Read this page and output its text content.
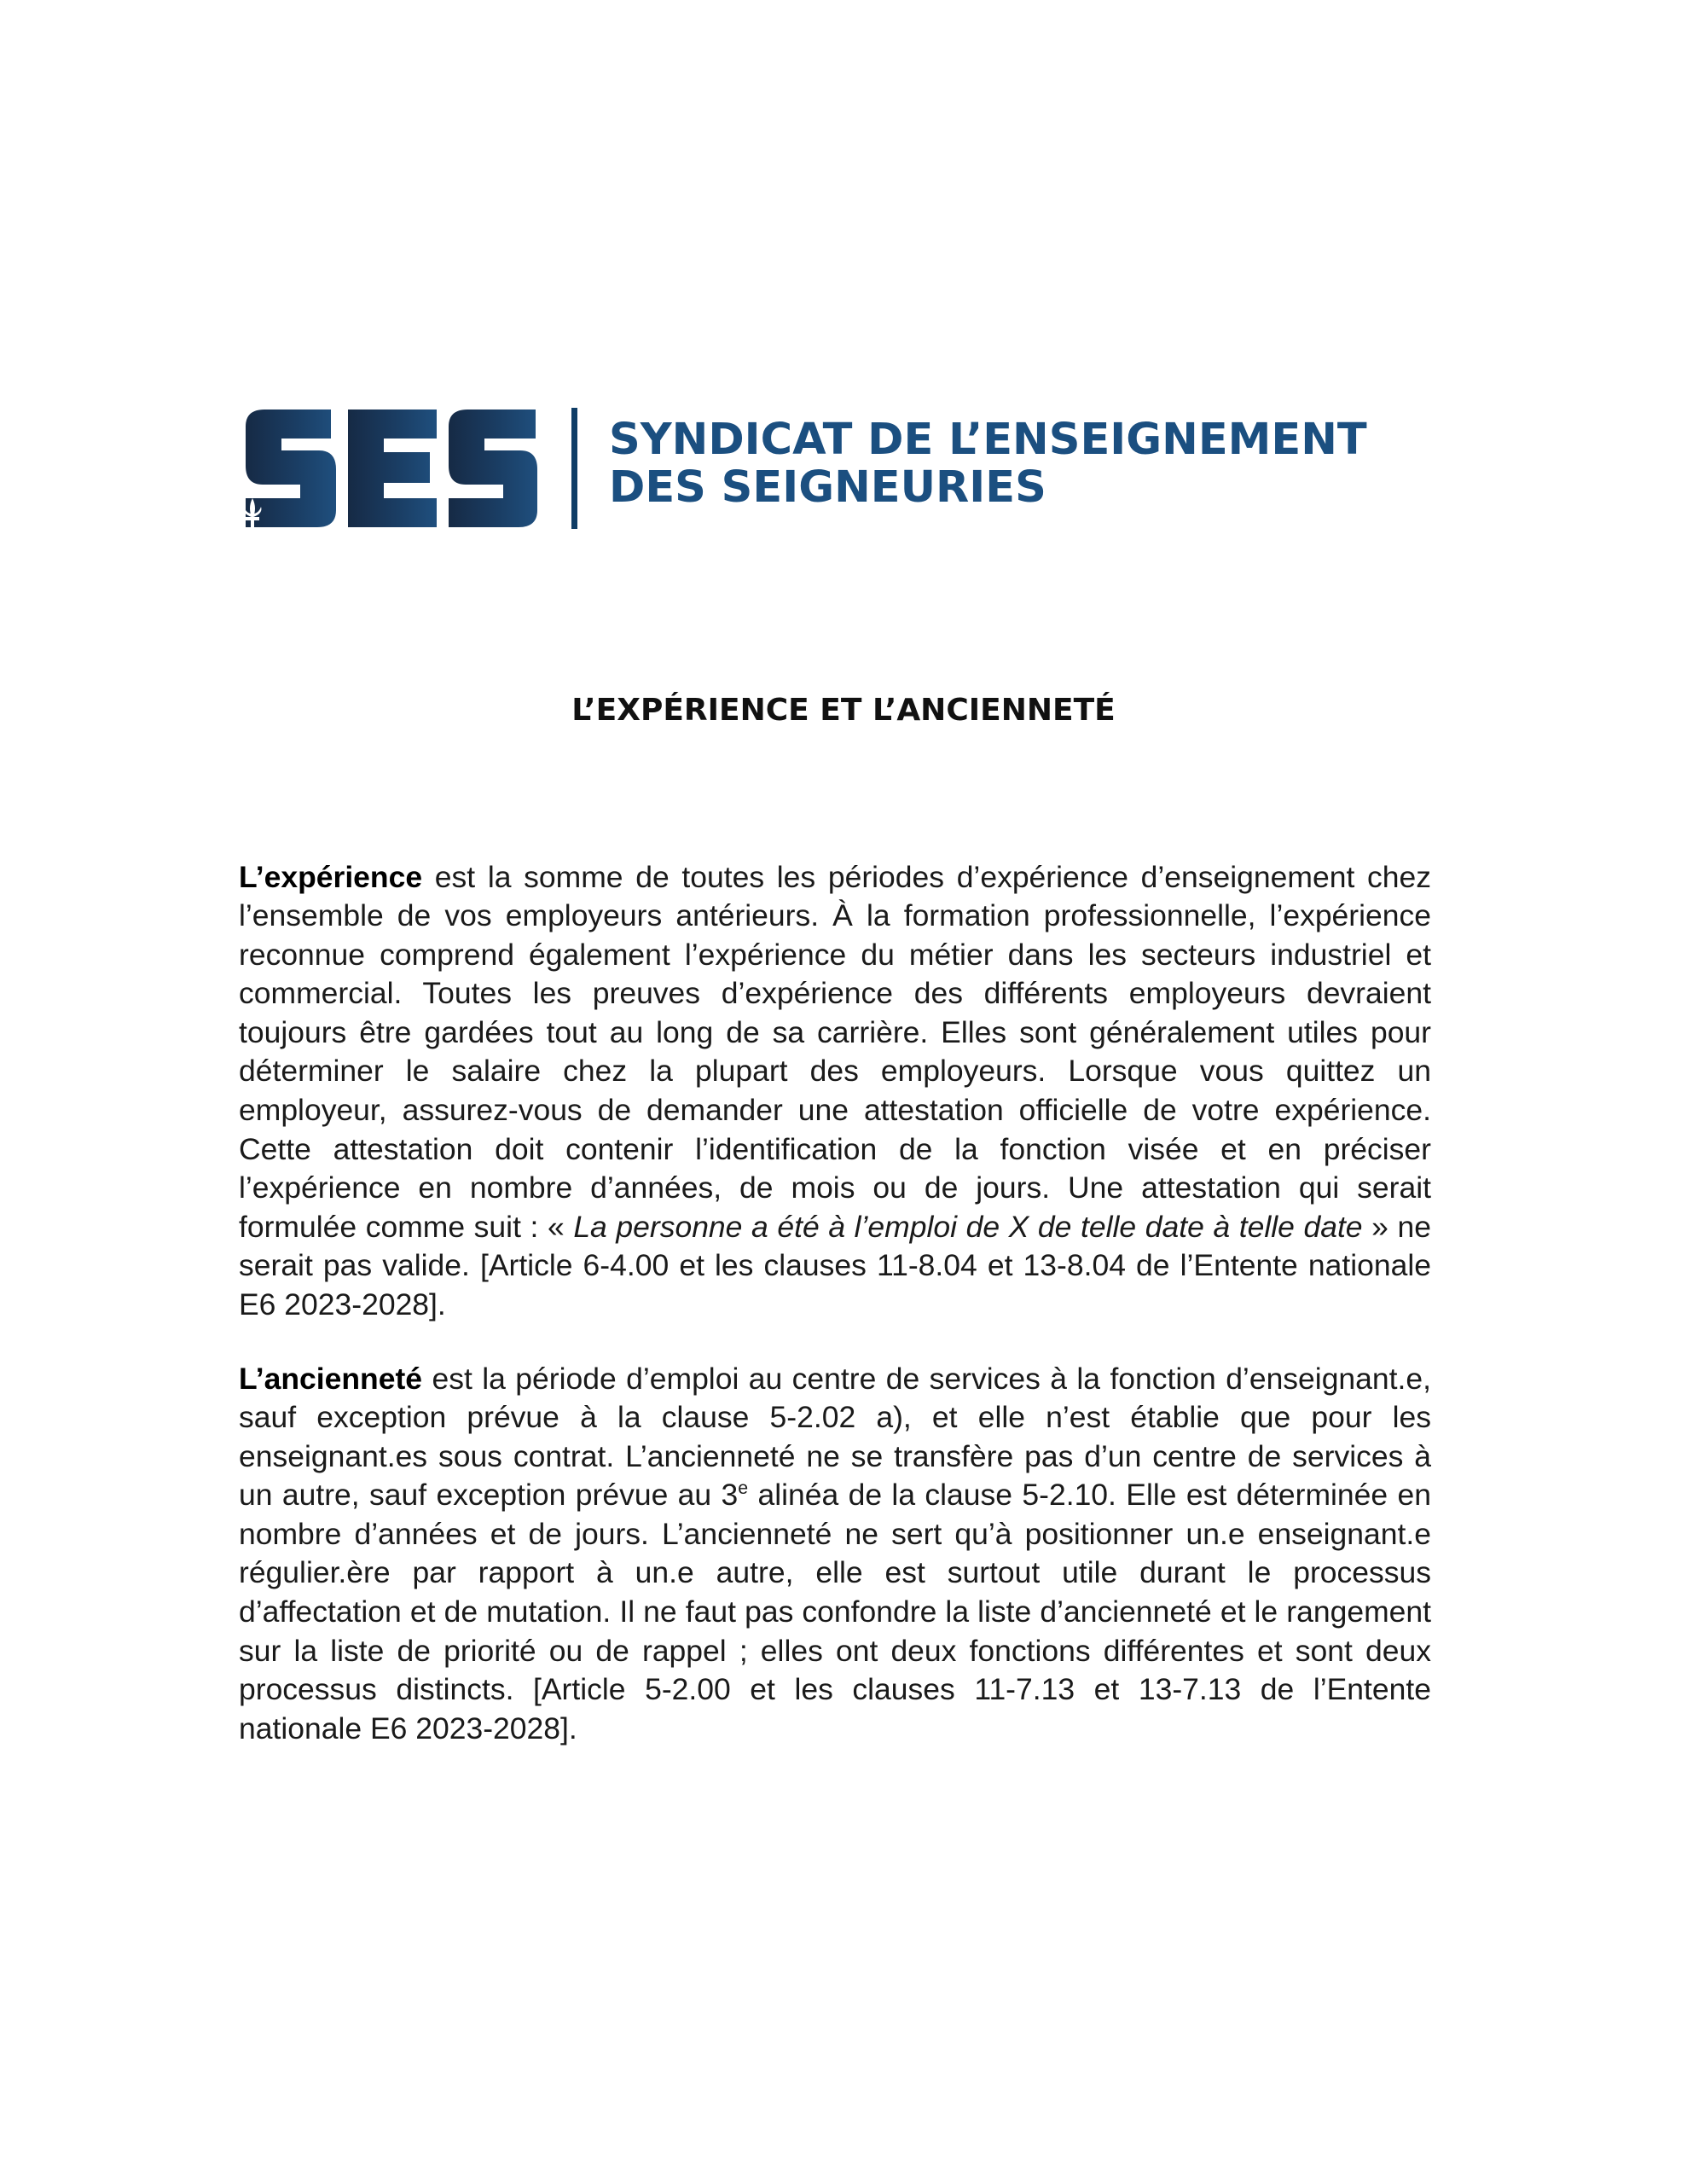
SYNDICAT DE L’ENSEIGNEMENT
DES SEIGNEURIES
L’EXPÉRIENCE ET L’ANCIENNETÉ

L’expérience est la somme de toutes les périodes d’expérience d’enseignement chez l’ensemble de vos employeurs antérieurs. À la formation professionnelle, l’expérience reconnue comprend également l’expérience du métier dans les secteurs industriel et commercial. Toutes les preuves d’expérience des différents employeurs devraient toujours être gardées tout au long de sa carrière. Elles sont généralement utiles pour déterminer le salaire chez la plupart des employeurs. Lorsque vous quittez un employeur, assurez-vous de demander une attestation officielle de votre expérience. Cette attestation doit contenir l’identification de la fonction visée et en préciser l’expérience en nombre d’années, de mois ou de jours. Une attestation qui serait formulée comme suit : « La personne a été à l’emploi de X de telle date à telle date » ne serait pas valide. [Article 6-4.00 et les clauses 11-8.04 et 13-8.04 de l’Entente nationale E6 2023-2028].

L’ancienneté est la période d’emploi au centre de services à la fonction d’enseignant.e, sauf exception prévue à la clause 5-2.02 a), et elle n’est établie que pour les enseignant.es sous contrat. L’ancienneté ne se transfère pas d’un centre de services à un autre, sauf exception prévue au 3e alinéa de la clause 5-2.10. Elle est déterminée en nombre d’années et de jours. L’ancienneté ne sert qu’à positionner un.e enseignant.e régulier.ère par rapport à un.e autre, elle est surtout utile durant le processus d’affectation et de mutation. Il ne faut pas confondre la liste d’ancienneté et le rangement sur la liste de priorité ou de rappel ; elles ont deux fonctions différentes et sont deux processus distincts. [Article 5-2.00 et les clauses 11-7.13 et 13-7.13 de l’Entente nationale E6 2023-2028].
